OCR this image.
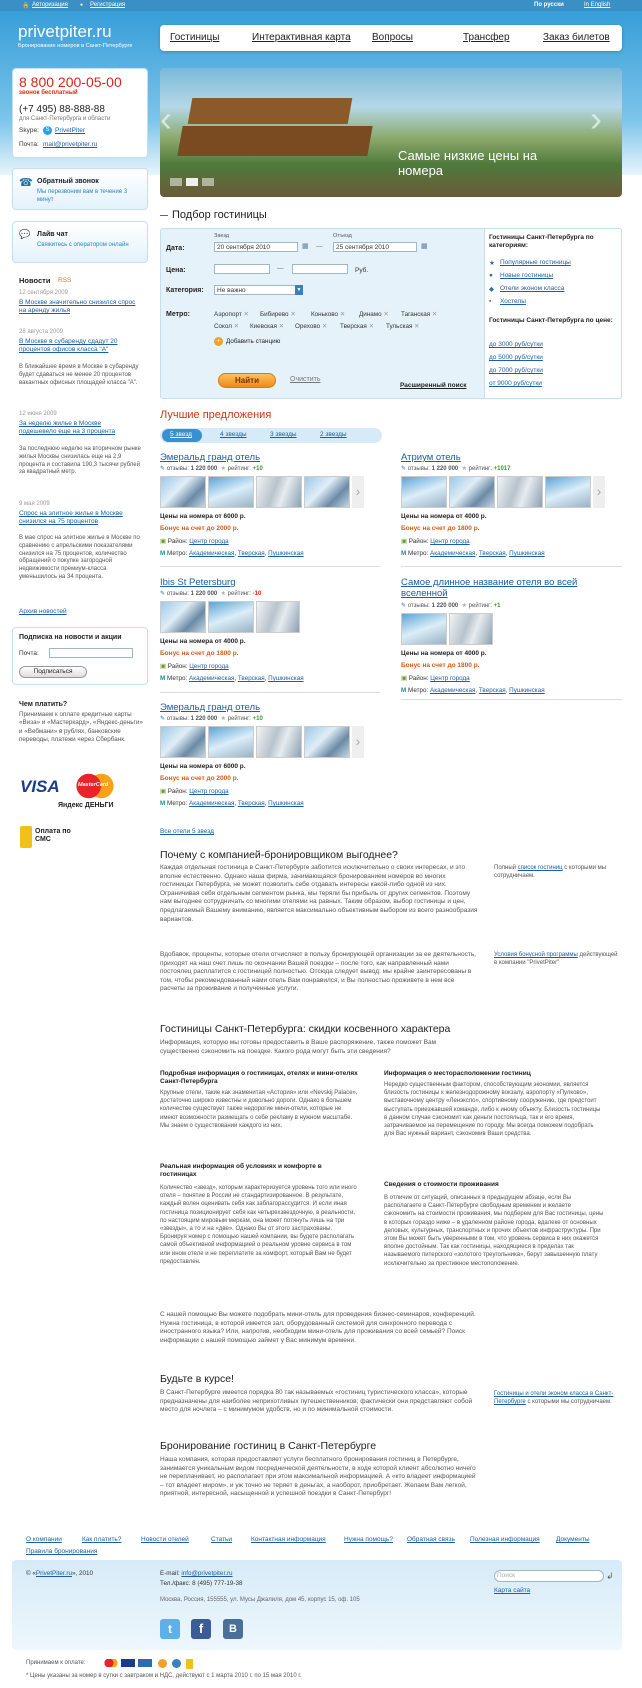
🔒 Авторизация ● Регистрация	По русски	In English
privetpiter.ru
Бронирование номеров в Санкт-Петербурге
Гостиницы	Интерактивная карта Вопросы	Трансфер	Заказ билетов
8 800 200-05-00
звонок бесплатный
(+7 495) 88-888-88
для Санкт-Петербурга и области
Skype:	S PrivetPiter
Почта: mail@privetpiter.ru
☎ Обратный звонок
Мы перезвоним вам в течение 3 минут
💬 Лайв чат
Свяжитесь с оператором онлайн
Новости RSS
12 сентября 2009
В Москве значительно снизился спрос на аренду жилья
28 августа 2009
В Москве в субаренду сдадут 20 процентов офисов класса "А"
В ближайшее время в Москве в субаренду будет сдаваться не менее 20 процентов вакантных офисных площадей класса "А".
12 июня 2009
За неделю жилье в Москве подешевело еще на 3 процента
За последнюю неделю на вторичном рынке жилья Москвы снизилась еще на 2,9 процента и составила 190,3 тысячи рублей за квадратный метр.
9 мая 2009
Спрос на элитное жилье в Москве снизился на 75 процентов
В мае спрос на элитное жилье в Москве по сравнению с апрельскими показателями снизился на 75 процентов, количество обращений о покупке загородной недвижимости премиум-класса уменьшилось на 34 процента.
Архив новостей
Подписка на новости и акции
Почта:
Подписаться
Чем платить?
Принимаем к оплате кредитные карты «Виза» и «Мастеркард», «Яндекс-деньги» и «Вебмани» в рублях, банковские переводы, платежи через Сбербанк.
VISA	MasterCard
Яндекс ДЕНЬГИ
Оплата по СМС
‹	›
Самые низкие цены на номера
Подбор гостиницы
Заезд	Отъезд
Дата:	20 сентября 2010	▦ —	25 сентября 2010	▦
Цена:	—	Руб.
Категория:	Не важно	▼
Метро:	Аэропорт ✕ Бибирево ✕ Коньково ✕ Динамо ✕ Таганская ✕
Сокол ✕ Киевская ✕ Орехово ✕ Тверская ✕ Тульская ✕
+ Добавить станцию
Найти	Очистить
Расширенный поиск
Гостиницы Санкт-Петербурга по категориям:
★ Популярные гостиницы
● Новые гостиницы
◆ Отели эконом класса
▪ Хостелы
Гостиницы Санкт-Петербурга по цене:
до 3000 руб/сутки
до 5000 руб/сутки
до 7000 руб/сутки
от 9000 руб/сутки
Лучшие предложения
5 звезд	4 звезды	3 звезды	2 звезды
Эмеральд гранд отель
✎ отзывы: 1 220 000 ★ рейтинг: +10
›
Цены на номера от 6000 р.
Бонус на счет до 2000 р.
▣ Район: Центр города
M Метро: Академическая, Тверская, Пушкинская
Атриум отель
✎ отзывы: 1 220 000 ★ рейтинг: +1017
›
Цены на номера от 4000 р.
Бонус на счет до 1800 р.
▣ Район: Центр города
M Метро: Академическая, Тверская, Пушкинская
Ibis St Petersburg
✎ отзывы: 1 220 000 ★ рейтинг: -10
Цены на номера от 4000 р.
Бонус на счет до 1800 р.
▣ Район: Центр города
M Метро: Академическая, Тверская, Пушкинская
Самое длинное название отеля во всей вселенной
✎ отзывы: 1 220 000 ★ рейтинг: +1
Цены на номера от 4000 р.
Бонус на счет до 1800 р.
▣ Район: Центр города
M Метро: Академическая, Тверская, Пушкинская
Эмеральд гранд отель
✎ отзывы: 1 220 000 ★ рейтинг: +10
›
Цены на номера от 6000 р.
Бонус на счет до 2000 р.
▣ Район: Центр города
M Метро: Академическая, Тверская, Пушкинская
Все отели 5 звезд
Почему с компанией-бронировщиком выгоднее?
Каждая отдельная гостиница в Санкт-Петербурге заботится исключительно о своих интересах, и это вполне естественно. Однако наша фирма, занимающаяся бронированием номеров во многих гостиницах Петербурга, не может позволить себе отдавать интересы какой-либо одной из них. Ограничивая себя отдельным сегментом рынка, мы теряли бы прибыль от других сегментов. Поэтому нам выгоднее сотрудничать со многими отелями на равных. Таким образом, выбор гостиницы и цен, предлагаемый Вашему вниманию, является максимально объективным выбором из всего разнообразия вариантов.
Вдобавок, проценты, которые отели отчисляют в пользу бронирующей организации за ее деятельность, приходят на наш счет лишь по окончании Вашей поездки – после того, как направленный нами постоялец расплатится с гостиницей полностью. Отсюда следует вывод: мы крайне заинтересованы в том, чтобы рекомендованный нами отель Вам понравился, и Вы полностью проживете в нем все расчеты за проживание и полученные услуги.
Полный список гостиниц с которыми мы сотрудничаем.
Условия бонусной программы действующей в компании "PrivetPiter"
Гостиницы Санкт-Петербурга: скидки косвенного характера
Информация, которую мы готовы предоставить в Ваше распоряжение, также поможет Вам существенно сэкономить на поездке. Какого рода могут быть эти сведения?
Подробная информация о гостиницах, отелях и мини-отелях Санкт-Петербурга
Крупные отели, такие как знаменитая «Астория» или «Nevskij Palace», достаточно широко известны и довольно дороги. Однако в большем количестве существует также недорогие мини-отели, которые не имеют возможности размещать о себе рекламу в нужном масштабе. Мы знаем о существовании каждого из них.
Реальная информация об условиях и комфорте в гостиницах
Количество «звезд», которым характеризуется уровень того или иного отеля – понятие в России не стандартизированное. В результате, каждый волен оценивать себя как заблагорассудится. И если иная гостиница позиционирует себя как четырехзвездочную, в реальности, по настоящим мировым меркам, она может потянуть лишь на три «звезды», а то и на «две». Однако Вы от этого застрахованы. Бронируя номер с помощью нашей компании, вы будете располагать самой объективной информацией о реальном уровне сервиса в том или ином отеле и не переплатите за комфорт, который Вам не будет предоставлен.
Информация о месторасположении гостиниц
Нередко существенным фактором, способствующим экономии, является близость гостиницы к железнодорожному вокзалу, аэропорту «Пулково», выставочному центру «Ленэкспо», спортивному сооружению, где предстоит выступать приезжавшей команде, либо к иному объекту. Близость гостиницы в данном случае сэкономит как деньги постояльца, так и его время, затрачиваемое на перемещение по городу. Мы всегда поможем подобрать для Вас нужный вариант, сэкономив Ваши средства.
Сведения о стоимости проживания
В отличие от ситуаций, описанных в предыдущем абзаце, если Вы располагаете в Санкт-Петербурге свободным временем и желаете сэкономить на стоимости проживания, мы подберем для Вас гостиницы, цены в которых гораздо ниже – в удаленном районе города, вдалеке от основных деловых, культурных, транспортных и прочих объектов инфраструктуры. При этом Вы может быть уверенными в том, что уровень сервиса в них окажется вполне достойным. Так как гостиницы, находящиеся в пределах так называемого питерского «золотого треугольника», берут завышенную плату исключительно за престижное местоположение.
С нашей помощью Вы можете подобрать мини-отель для проведения бизнес-семинаров, конференций. Нужна гостиница, в которой имеется зал, оборудованный системой для синхронного перевода с иностранного языка? Или, напротив, необходим мини-отель для проживания со всей семьей? Поиск информации с нашей помощью займет у Вас минимум времени.
Будьте в курсе!
В Санкт-Петербурге имеется порядка 80 так называемых «гостиниц туристического класса», которые предназначены для наиболее неприхотливых путешественников; фактически они представляют собой место для ночлега – с минимумом удобств, но и по минимальной стоимости.
Гостиницы и отели эконом класса в Санкт-Петербурге с которыми мы сотрудничаем.
Бронирование гостиниц в Санкт-Петербурге
Наша компания, которая предоставляет услуги бесплатного бронирования гостиниц в Петербурге, занимается уникальным видом посреднической деятельности, в ходе которой клиент абсолютно ничего не переплачивает, но располагает при этом максимальной информацией. А «кто владеет информацией – тот владеет миром», и уж точно не теряет в деньгах, а наоборот, приобретает. Желаем Вам легкой, приятной, интересной, насыщенной и успешной поездки в Санкт-Петербург!
О компании	Как платить?	Новости отелей	Статьи	Контактная информация	Нужна помощь? Обратная связь Полезная информация	Документы
Правила бронирования
© «PrivetPiter.ru», 2010	E-mail: info@privetpiter.ru
Тел./факс: 8 (495) 777-19-38
Москва, Россия, 155555, ул. Мусы Джалиля, дом 45, корпус 15, оф. 105
t	f	B
Поиск	↲
Карта сайта
Принимаем к оплате:
* Цены указаны за номер в сутки с завтраком и НДС, действуют с 1 марта 2010 г. по 15 мая 2010 г.
